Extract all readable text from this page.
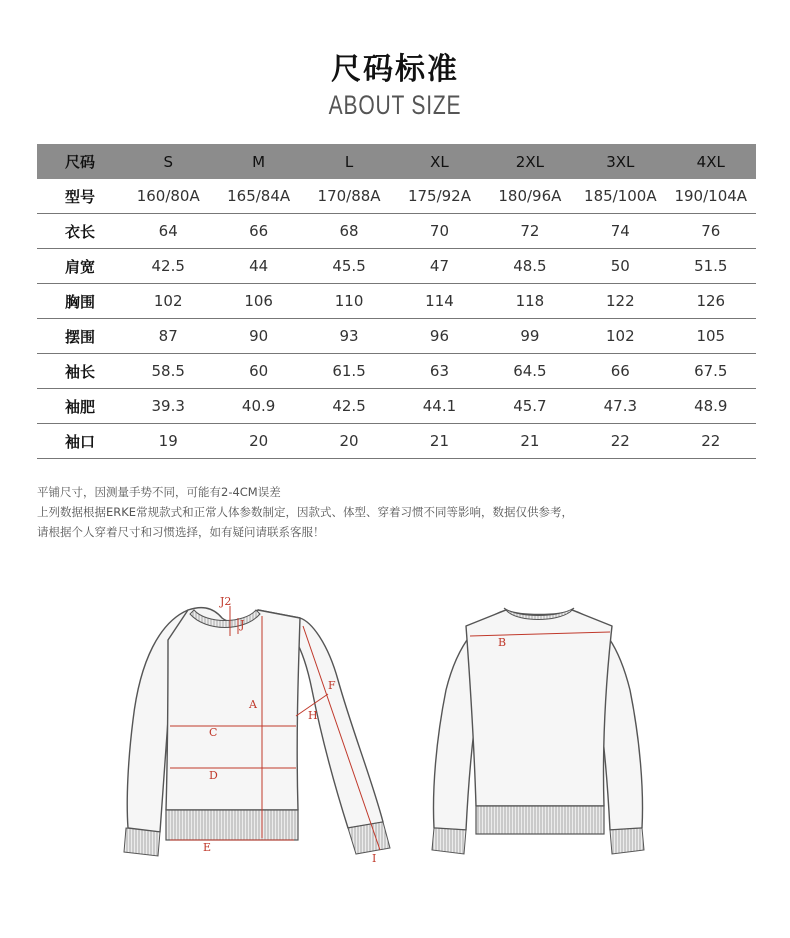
尺码标准
ABOUT SIZE
尺码	S	M	L	XL	2XL	3XL	4XL
型号	160/80A	165/84A	170/88A	175/92A	180/96A	185/100A	190/104A
衣长	64	66	68	70	72	74	76
肩宽	42.5	44	45.5	47	48.5	50	51.5
胸围	102	106	110	114	118	122	126
摆围	87	90	93	96	99	102	105
袖长	58.5	60	61.5	63	64.5	66	67.5
袖肥	39.3	40.9	42.5	44.1	45.7	47.3	48.9
袖口	19	20	20	21	21	22	22
平铺尺寸，因测量手势不同，可能有2-4CM误差
上列数据根据ERKE常规款式和正常人体参数制定，因款式、体型、穿着习惯不同等影响，数据仅供参考，
请根据个人穿着尺寸和习惯选择，如有疑问请联系客服！
J2
J
A
C
D
E
F
H
I
B
